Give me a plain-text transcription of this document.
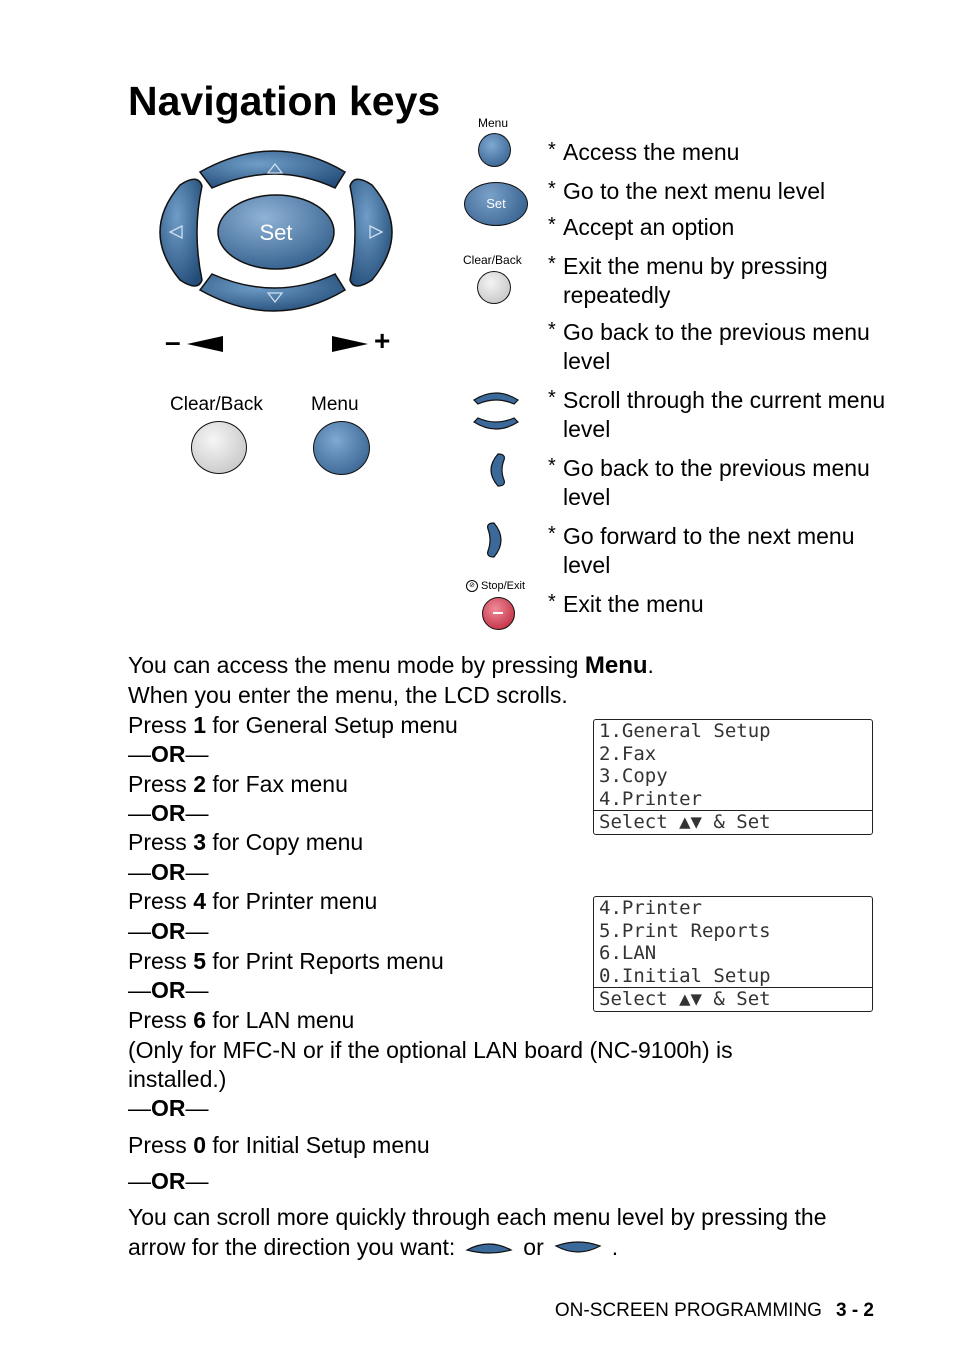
Navigation keys
Set
–	+
Clear/Back	Menu
Menu
Set
Clear/Back
⊘ Stop/Exit
* Access the menu
* Go to the next menu level
* Accept an option
* Exit the menu by pressing repeatedly
* Go back to the previous menu level
* Scroll through the current menu level
* Go back to the previous menu level
* Go forward to the next menu level
* Exit the menu
You can access the menu mode by pressing Menu.
When you enter the menu, the LCD scrolls.
Press 1 for General Setup menu
—OR—
Press 2 for Fax menu
—OR—
Press 3 for Copy menu
—OR—
Press 4 for Printer menu
—OR—
Press 5 for Print Reports menu
—OR—
Press 6 for LAN menu
(Only for MFC-N or if the optional LAN board (NC-9100h) is
installed.)
—OR—
Press 0 for Initial Setup menu
—OR—
You can scroll more quickly through each menu level by pressing the
arrow for the direction you want:	or	.
1.General Setup
2.Fax
3.Copy
4.Printer
Select ▲▼ & Set
4.Printer
5.Print Reports
6.LAN
0.Initial Setup
Select ▲▼ & Set
ON-SCREEN PROGRAMMING 3 - 2
